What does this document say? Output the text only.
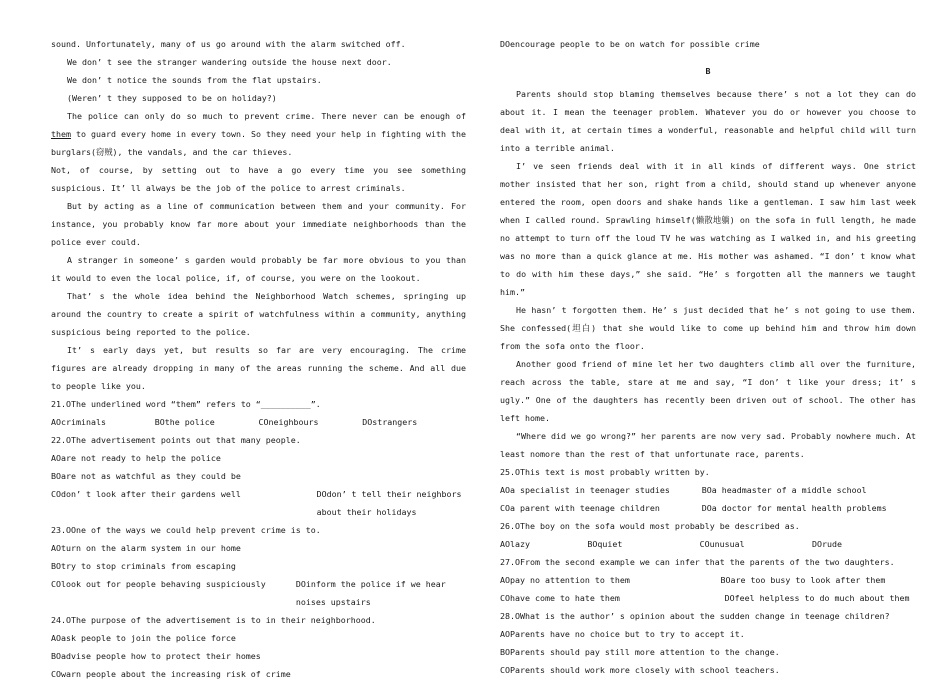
sound. Unfortunately, many of us go around with the alarm switched off.

We don’ t see the stranger wandering outside the house next door.

We don’ t notice the sounds from the flat upstairs.

(Weren’ t they supposed to be on holiday?)

The police can only do so much to prevent crime. There never can be enough of them to guard every home in every town. So they need your help in fighting with the burglars(窃贼), the vandals, and the car thieves.

Not, of course, by setting out to have a go every time you see something suspicious. It’ ll always be the job of the police to arrest criminals.

But by acting as a line of communication between them and your community. For instance, you probably know far more about your immediate neighborhoods than the police ever could.

A stranger in someone’ s garden would probably be far more obvious to you than it would to even the local police, if, of course, you were on the lookout.

That’ s the whole idea behind the Neighborhood Watch schemes, springing up around the country to create a spirit of watchfulness within a community, anything suspicious being reported to the police.

It’ s early days yet, but results so far are very encouraging. The crime figures are already dropping in many of the areas running the scheme. And all due to people like you.

21.OThe underlined word “them” refers to “__________”.

AOcriminals	BOthe police	COneighbours	DOstrangers

22.OThe advertisement points out that many people.

AOare not ready to help the police
BOare not as watchful as they could be
COdon’ t look after their gardens well	DOdon’ t tell their neighbors about their holidays

23.OOne of the ways we could help prevent crime is to.

AOturn on the alarm system in our home
BOtry to stop criminals from escaping
COlook out for people behaving suspiciously	DOinform the police if we hear noises upstairs

24.OThe purpose of the advertisement is to in their neighborhood.

AOask people to join the police force

BOadvise people how to protect their homes

COwarn people about the increasing risk of crime

DOencourage people to be on watch for possible crime

B

Parents should stop blaming themselves because there’ s not a lot they can do about it. I mean the teenager problem. Whatever you do or however you choose to deal with it, at certain times a wonderful, reasonable and helpful child will turn into a terrible animal.

I’ ve seen friends deal with it in all kinds of different ways. One strict mother insisted that her son, right from a child, should stand up whenever anyone entered the room, open doors and shake hands like a gentleman. I saw him last week when I called round. Sprawling himself(懒散地躺) on the sofa in full length, he made no attempt to turn off the loud TV he was watching as I walked in, and his greeting was no more than a quick glance at me. His mother was ashamed. “I don’ t know what to do with him these days,” she said. “He’ s forgotten all the manners we taught him.”

He hasn’ t forgotten them. He’ s just decided that he’ s not going to use them. She confessed(坦白) that she would like to come up behind him and throw him down from the sofa onto the floor.

Another good friend of mine let her two daughters climb all over the furniture, reach across the table, stare at me and say, “I don’ t like your dress; it’ s ugly.” One of the daughters has recently been driven out of school. The other has left home.

“Where did we go wrong?” her parents are now very sad. Probably nowhere much. At least nomore than the rest of that unfortunate race, parents.

25.OThis text is most probably written by.

AOa specialist in teenager studies	BOa headmaster of a middle school
COa parent with teenage children	DOa doctor for mental health problems

26.OThe boy on the sofa would most probably be described as.

AOlazy	BOquiet	COunusual	DOrude

27.OFrom the second example we can infer that the parents of the two daughters.

AOpay no attention to them	BOare too busy to look after them
COhave come to hate them	DOfeel helpless to do much about them

28.OWhat is the author’ s opinion about the sudden change in teenage children?

AOParents have no choice but to try to accept it.

BOParents should pay still more attention to the change.

COParents should work more closely with school teachers.
